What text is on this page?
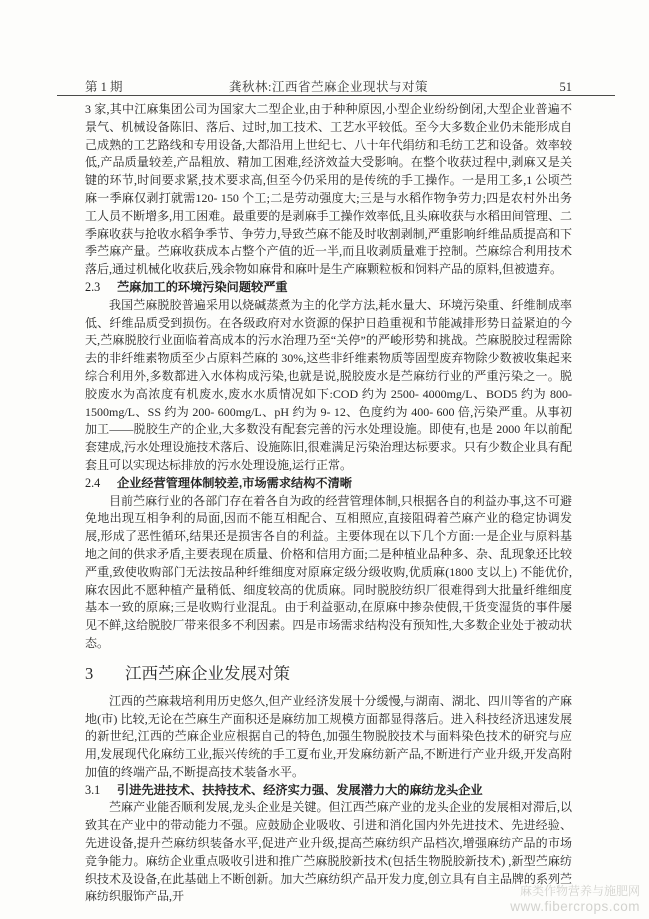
第 1 期	龚秋林:江西省苎麻企业现状与对策	51

3 家,其中江麻集团公司为国家大二型企业,由于种种原因,小型企业纷纷倒闭,大型企业普遍不景气、机械设备陈旧、落后、过时,加工技术、工艺水平较低。至今大多数企业仍未能形成自己成熟的工艺路线和专用设备,大都沿用上世纪七、八十年代绢纺和毛纺工艺和设备。效率较低,产品质量较差,产品粗放、精加工困难,经济效益大受影响。在整个收获过程中,剥麻又是关键的环节,时间要求紧,技术要求高,但至今仍采用的是传统的手工操作。一是用工多,1 公顷苎麻一季麻仅剥打就需120- 150 个工;二是劳动强度大;三是与水稻作物争劳力;四是农村外出务工人员不断增多,用工困难。最重要的是剥麻手工操作效率低,且头麻收获与水稻田间管理、二季麻收获与抢收水稻争季节、争劳力,导致苎麻不能及时收割剥制,严重影响纤维品质提高和下季苎麻产量。苎麻收获成本占整个产值的近一半,而且收剥质量难于控制。苎麻综合利用技术落后,通过机械化收获后,残余物如麻骨和麻叶是生产麻颗粒板和饲料产品的原料,但被遗弃。

2.3 苎麻加工的环境污染问题较严重

我国苎麻脱胶普遍采用以烧碱蒸煮为主的化学方法,耗水量大、环境污染重、纤维制成率低、纤维品质受到损伤。在各级政府对水资源的保护日趋重视和节能减排形势日益紧迫的今天,苎麻脱胶行业面临着高成本的污水治理乃至“关停”的严峻形势和挑战。苎麻脱胶过程需除去的非纤维素物质至少占原料苎麻的 30%,这些非纤维素物质等固型废弃物除少数被收集起来综合利用外,多数都进入水体构成污染,也就是说,脱胶废水是苎麻纺行业的严重污染之一。脱胶废水为高浓度有机废水,废水水质情况如下:COD 约为 2500- 4000mg/L、BOD5 约为 800- 1500mg/L、SS 约为 200- 600mg/L、pH 约为 9- 12、色度约为 400- 600 倍,污染严重。从事初加工——脱胶生产的企业,大多数没有配套完善的污水处理设施。即使有,也是 2000 年以前配套建成,污水处理设施技术落后、设施陈旧,很难满足污染治理达标要求。只有少数企业具有配套且可以实现达标排放的污水处理设施,运行正常。

2.4 企业经营管理体制较差,市场需求结构不清晰

目前苎麻行业的各部门存在着各自为政的经营管理体制,只根据各自的利益办事,这不可避免地出现互相争利的局面,因而不能互相配合、互相照应,直接阻碍着苎麻产业的稳定协调发展,形成了恶性循环,结果还是损害各自的利益。主要体现在以下几个方面:一是企业与原料基地之间的供求矛盾,主要表现在质量、价格和信用方面;二是种植业品种多、杂、乱现象还比较严重,致使收购部门无法按品种纤维细度对原麻定级分级收购,优质麻(1800 支以上) 不能优价,麻农因此不愿种植产量稍低、细度较高的优质麻。同时脱胶纺织厂很难得到大批量纤维细度基本一致的原麻;三是收购行业混乱。由于利益驱动,在原麻中掺杂使假,干货变湿货的事件屡见不鲜,这给脱胶厂带来很多不利因素。四是市场需求结构没有预知性,大多数企业处于被动状态。

3 江西苎麻企业发展对策

江西的苎麻栽培利用历史悠久,但产业经济发展十分缓慢,与湖南、湖北、四川等省的产麻地(市) 比较,无论在苎麻生产面积还是麻纺加工规模方面都显得落后。进入科技经济迅速发展的新世纪,江西的苎麻企业应根据自己的特色,加强生物脱胶技术与面料染色技术的研究与应用,发展现代化麻纺工业,振兴传统的手工夏布业,开发麻纺新产品,不断进行产业升级,开发高附加值的终端产品,不断提高技术装备水平。

3.1 引进先进技术、扶持技术、经济实力强、发展潜力大的麻纺龙头企业

苎麻产业能否顺利发展,龙头企业是关键。但江西苎麻产业的龙头企业的发展相对滞后,以致其在产业中的带动能力不强。应鼓励企业吸收、引进和消化国内外先进技术、先进经验、先进设备,提升苎麻纺织装备水平,促进产业升级,提高苎麻纺织产品档次,增强麻纺产品的市场竞争能力。麻纺企业重点吸收引进和推广苎麻脱胶新技术(包括生物脱胶新技术) ,新型苎麻纺织技术及设备,在此基础上不断创新。加大苎麻纺织产品开发力度,创立具有自主品牌的系列苎麻纺织服饰产品,开	麻类作物营养与施肥网
www.fibercrops.com
